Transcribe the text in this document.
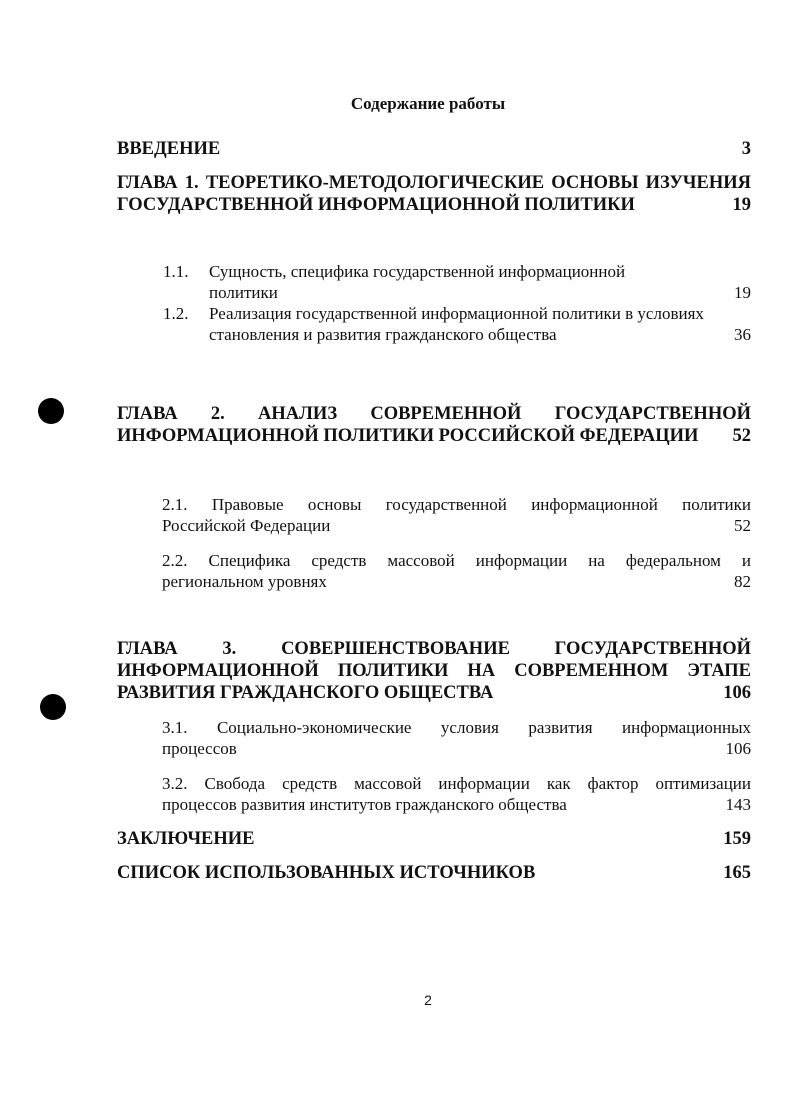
Содержание работы
ВВЕДЕНИЕ	3
ГЛАВА 1. ТЕОРЕТИКО-МЕТОДОЛОГИЧЕСКИЕ ОСНОВЫ ИЗУЧЕНИЯ
ГОСУДАРСТВЕННОЙ ИНФОРМАЦИОННОЙ ПОЛИТИКИ	19
1.1. Сущность, специфика государственной информационной
политики	19
1.2. Реализация государственной информационной политики в условиях
становления и развития гражданского общества	36
ГЛАВА 2. АНАЛИЗ СОВРЕМЕННОЙ ГОСУДАРСТВЕННОЙ
ИНФОРМАЦИОННОЙ ПОЛИТИКИ РОССИЙСКОЙ ФЕДЕРАЦИИ 52
2.1. Правовые основы государственной информационной политики
Российской Федерации	52
2.2. Специфика средств массовой информации на федеральном и
региональном уровнях	82
ГЛАВА 3. СОВЕРШЕНСТВОВАНИЕ ГОСУДАРСТВЕННОЙ
ИНФОРМАЦИОННОЙ ПОЛИТИКИ НА СОВРЕМЕННОМ ЭТАПЕ
РАЗВИТИЯ ГРАЖДАНСКОГО ОБЩЕСТВА	106
3.1. Социально-экономические условия развития информационных
процессов	106
3.2. Свобода средств массовой информации как фактор оптимизации
процессов развития институтов гражданского общества	143
ЗАКЛЮЧЕНИЕ	159
СПИСОК ИСПОЛЬЗОВАННЫХ ИСТОЧНИКОВ	165
2
